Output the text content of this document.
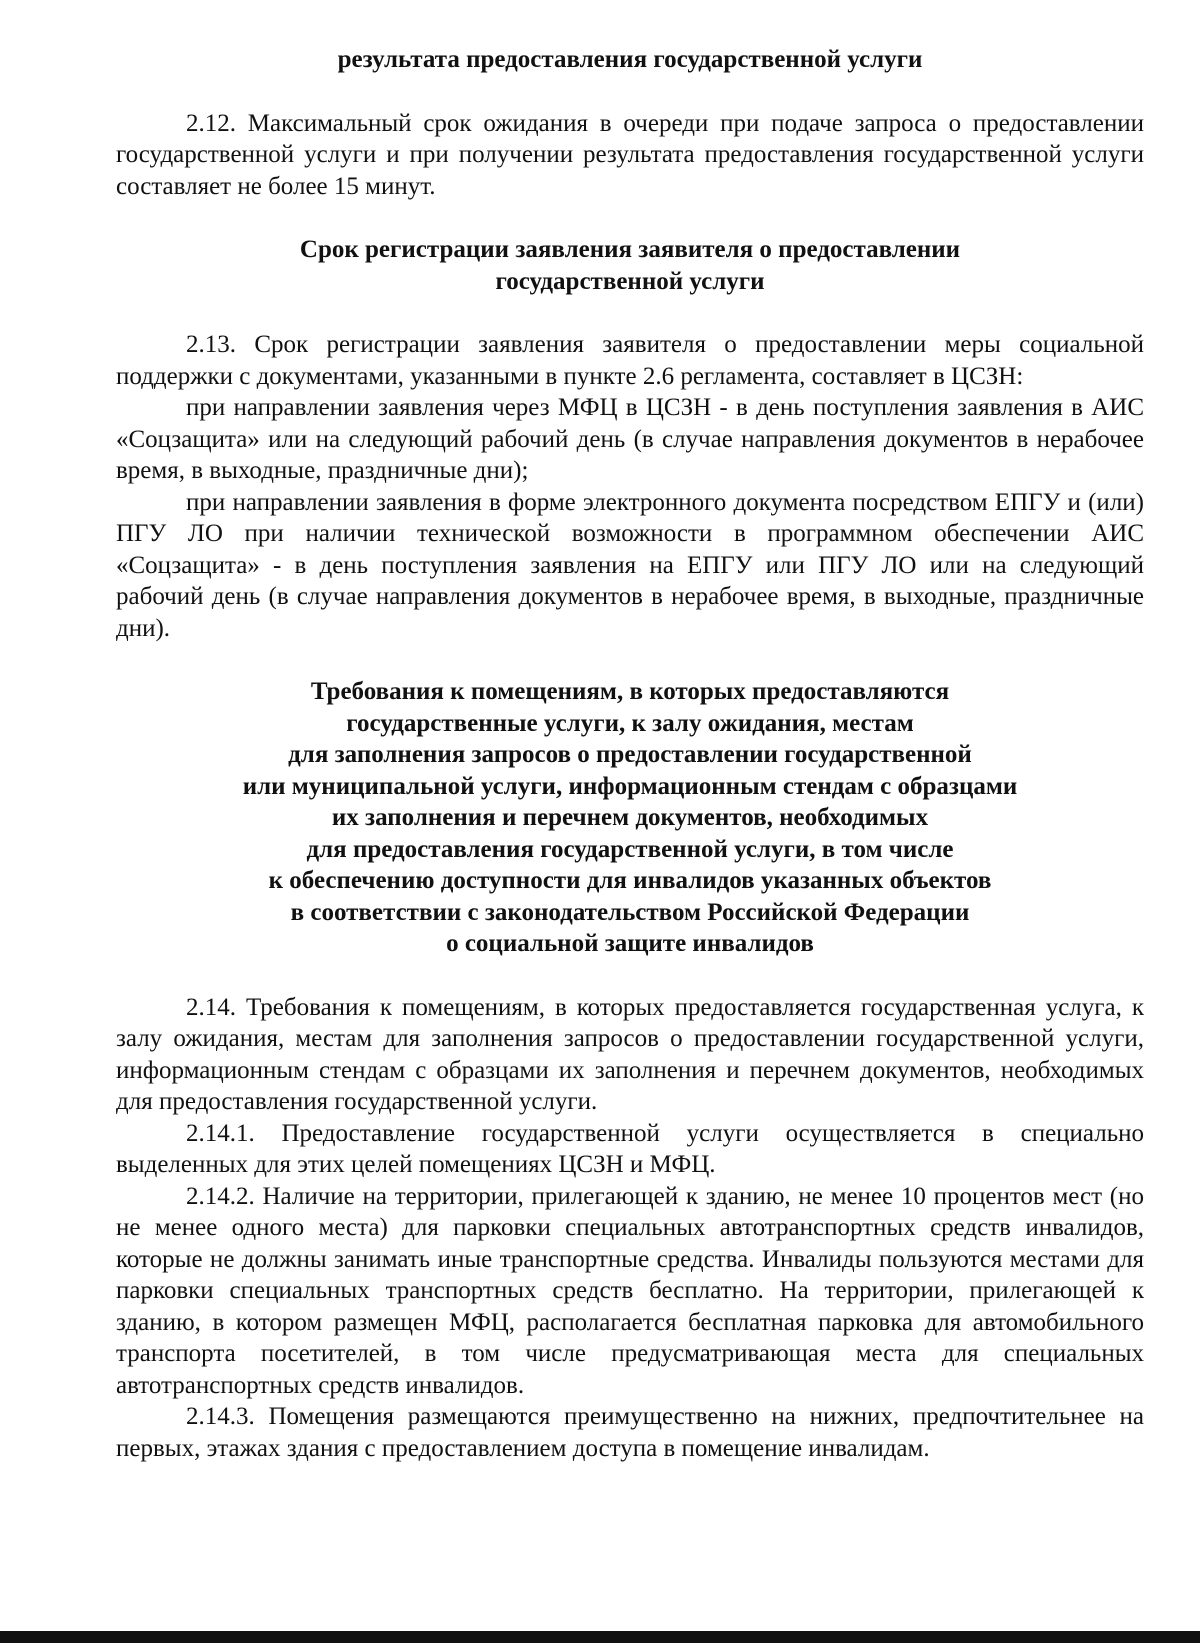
результата предоставления государственной услуги

2.12. Максимальный срок ожидания в очереди при подаче запроса о предоставлении государственной услуги и при получении результата предоставления государственной услуги составляет не более 15 минут.

Срок регистрации заявления заявителя о предоставлении
государственной услуги

2.13. Срок регистрации заявления заявителя о предоставлении меры социальной поддержки с документами, указанными в пункте 2.6 регламента, составляет в ЦСЗН:

при направлении заявления через МФЦ в ЦСЗН - в день поступления заявления в АИС «Соцзащита» или на следующий рабочий день (в случае направления документов в нерабочее время, в выходные, праздничные дни);

при направлении заявления в форме электронного документа посредством ЕПГУ и (или) ПГУ ЛО при наличии технической возможности в программном обеспечении АИС «Соцзащита» - в день поступления заявления на ЕПГУ или ПГУ ЛО или на следующий рабочий день (в случае направления документов в нерабочее время, в выходные, праздничные дни).

Требования к помещениям, в которых предоставляются
государственные услуги, к залу ожидания, местам
для заполнения запросов о предоставлении государственной
или муниципальной услуги, информационным стендам с образцами
их заполнения и перечнем документов, необходимых
для предоставления государственной услуги, в том числе
к обеспечению доступности для инвалидов указанных объектов
в соответствии с законодательством Российской Федерации
о социальной защите инвалидов

2.14. Требования к помещениям, в которых предоставляется государственная услуга, к залу ожидания, местам для заполнения запросов о предоставлении государственной услуги, информационным стендам с образцами их заполнения и перечнем документов, необходимых для предоставления государственной услуги.

2.14.1. Предоставление государственной услуги осуществляется в специально выделенных для этих целей помещениях ЦСЗН и МФЦ.

2.14.2. Наличие на территории, прилегающей к зданию, не менее 10 процентов мест (но не менее одного места) для парковки специальных автотранспортных средств инвалидов, которые не должны занимать иные транспортные средства. Инвалиды пользуются местами для парковки специальных транспортных средств бесплатно. На территории, прилегающей к зданию, в котором размещен МФЦ, располагается бесплатная парковка для автомобильного транспорта посетителей, в том числе предусматривающая места для специальных автотранспортных средств инвалидов.

2.14.3. Помещения размещаются преимущественно на нижних, предпочтительнее на первых, этажах здания с предоставлением доступа в помещение инвалидам.
